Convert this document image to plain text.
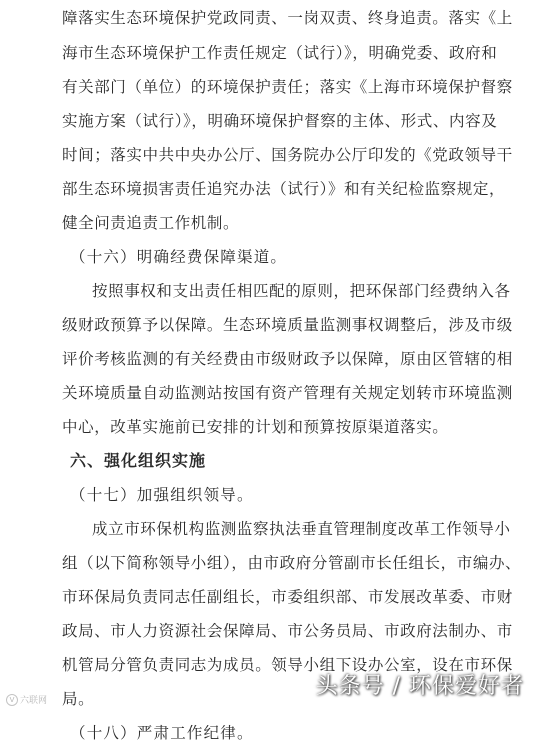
障落实生态环境保护党政同责、一岗双责、终身追责。落实《上
海市生态环境保护工作责任规定（试行）》，明确党委、政府和
有关部门（单位）的环境保护责任；落实《上海市环境保护督察
实施方案（试行）》，明确环境保护督察的主体、形式、内容及
时间；落实中共中央办公厅、国务院办公厅印发的《党政领导干
部生态环境损害责任追究办法（试行）》和有关纪检监察规定，
健全问责追责工作机制。
（十六）明确经费保障渠道。
按照事权和支出责任相匹配的原则，把环保部门经费纳入各
级财政预算予以保障。生态环境质量监测事权调整后，涉及市级
评价考核监测的有关经费由市级财政予以保障，原由区管辖的相
关环境质量自动监测站按国有资产管理有关规定划转市环境监测
中心，改革实施前已安排的计划和预算按原渠道落实。
六、强化组织实施
（十七）加强组织领导。
成立市环保机构监测监察执法垂直管理制度改革工作领导小
组（以下简称领导小组），由市政府分管副市长任组长，市编办、
市环保局负责同志任副组长，市委组织部、市发展改革委、市财
政局、市人力资源社会保障局、市公务员局、市政府法制办、市
机管局分管负责同志为成员。领导小组下设办公室，设在市环保
局。
（十八）严肃工作纪律。
V 六联网
头条号 / 环保爱好者
